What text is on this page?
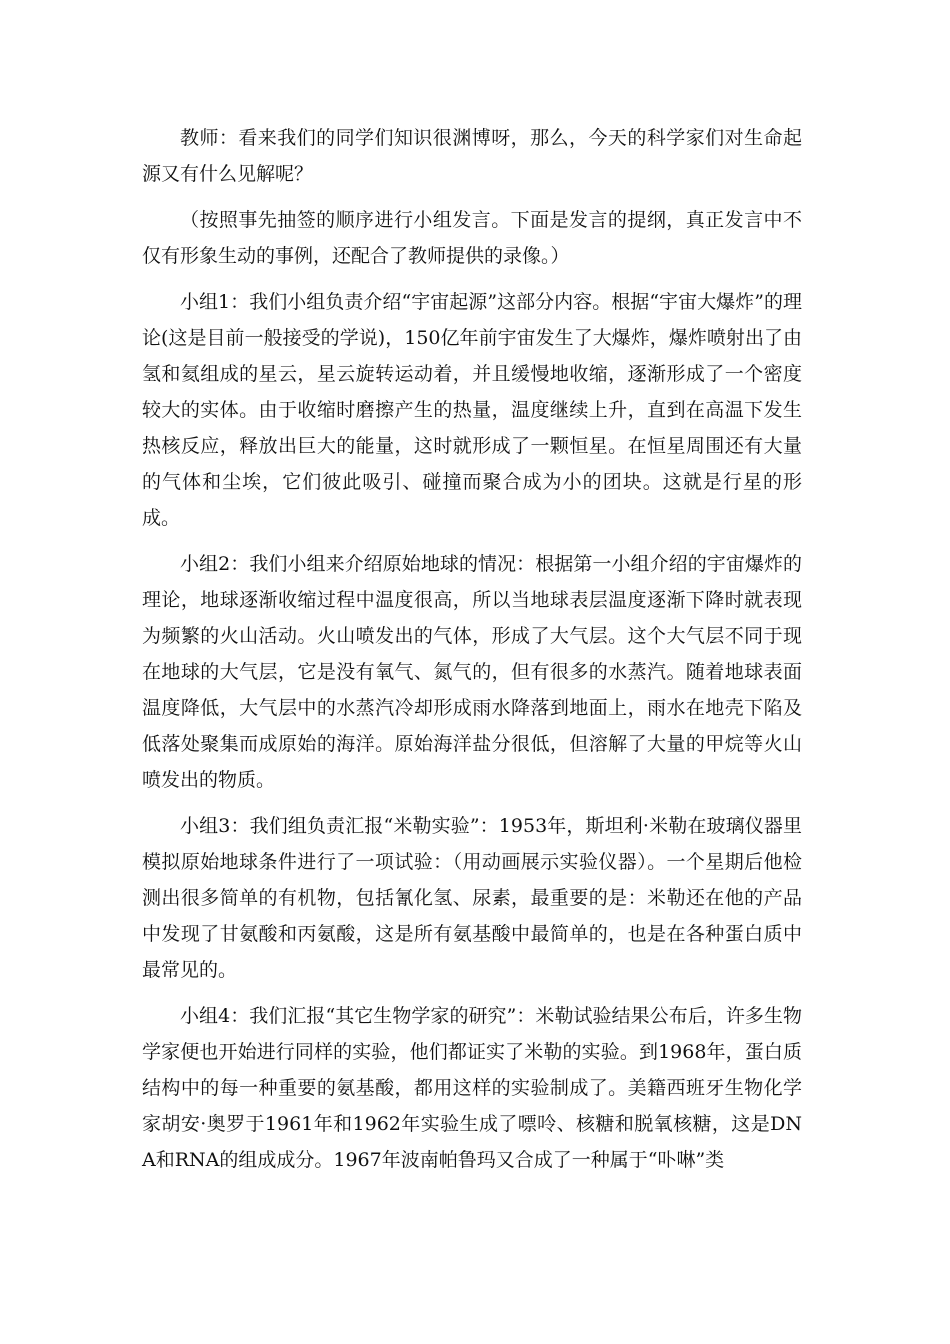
教师：看来我们的同学们知识很渊博呀，那么，今天的科学家们对生命起源又有什么见解呢？

（按照事先抽签的顺序进行小组发言。下面是发言的提纲，真正发言中不仅有形象生动的事例，还配合了教师提供的录像。）

小组1：我们小组负责介绍“宇宙起源”这部分内容。根据“宇宙大爆炸”的理论(这是目前一般接受的学说)，150亿年前宇宙发生了大爆炸，爆炸喷射出了由氢和氦组成的星云，星云旋转运动着，并且缓慢地收缩，逐渐形成了一个密度较大的实体。由于收缩时磨擦产生的热量，温度继续上升，直到在高温下发生热核反应，释放出巨大的能量，这时就形成了一颗恒星。在恒星周围还有大量的气体和尘埃，它们彼此吸引、碰撞而聚合成为小的团块。这就是行星的形成。

小组2：我们小组来介绍原始地球的情况：根据第一小组介绍的宇宙爆炸的理论，地球逐渐收缩过程中温度很高，所以当地球表层温度逐渐下降时就表现为频繁的火山活动。火山喷发出的气体，形成了大气层。这个大气层不同于现在地球的大气层，它是没有氧气、氮气的，但有很多的水蒸汽。随着地球表面温度降低，大气层中的水蒸汽冷却形成雨水降落到地面上，雨水在地壳下陷及低落处聚集而成原始的海洋。原始海洋盐分很低，但溶解了大量的甲烷等火山喷发出的物质。

小组3：我们组负责汇报“米勒实验”：1953年，斯坦利·米勒在玻璃仪器里模拟原始地球条件进行了一项试验：（用动画展示实验仪器）。一个星期后他检测出很多简单的有机物，包括氰化氢、尿素，最重要的是：米勒还在他的产品中发现了甘氨酸和丙氨酸，这是所有氨基酸中最简单的，也是在各种蛋白质中最常见的。

小组4：我们汇报“其它生物学家的研究”：米勒试验结果公布后，许多生物学家便也开始进行同样的实验，他们都证实了米勒的实验。到1968年，蛋白质结构中的每一种重要的氨基酸，都用这样的实验制成了。美籍西班牙生物化学家胡安·奥罗于1961年和1962年实验生成了嘌呤、核糖和脱氧核糖，这是DNA和RNA的组成成分。1967年波南帕鲁玛又合成了一种属于“卟啉”类
